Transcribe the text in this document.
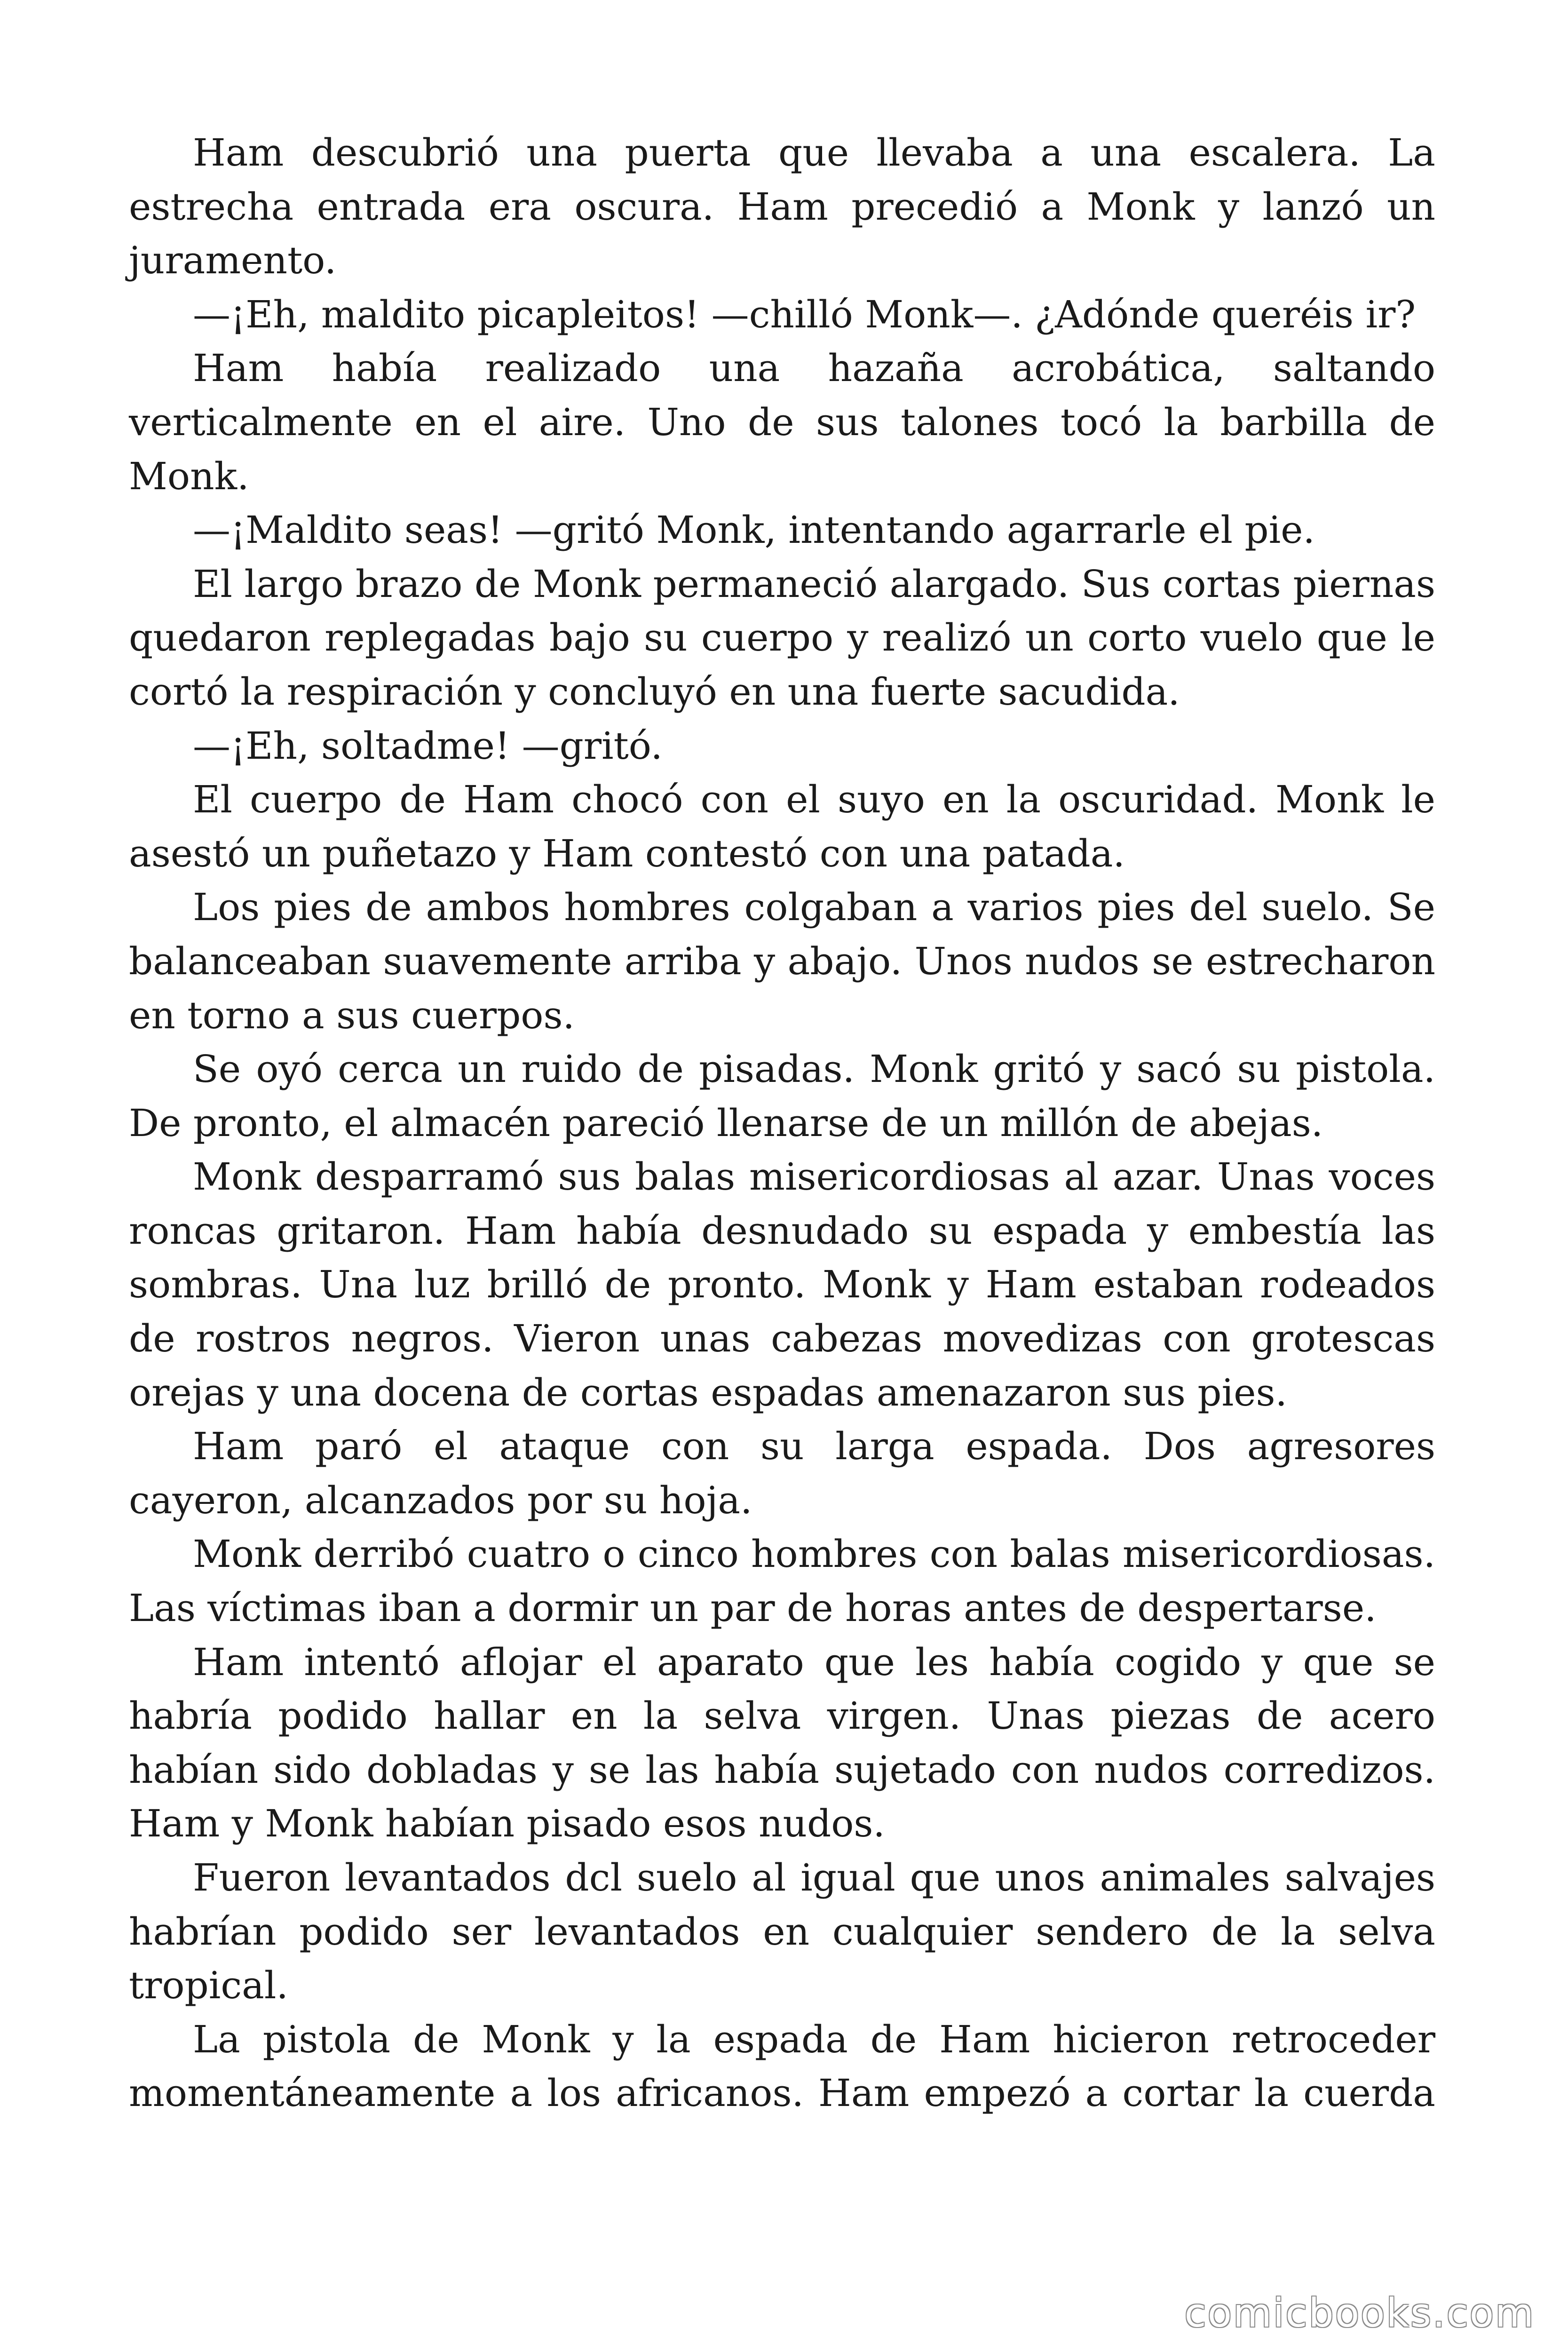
Ham descubrió una puerta que llevaba a una escalera. La estrecha entrada era oscura. Ham precedió a Monk y lanzó un juramento.

—¡Eh, maldito picapleitos! —chilló Monk—. ¿Adónde queréis ir?

Ham había realizado una hazaña acrobática, saltando verticalmente en el aire. Uno de sus talones tocó la barbilla de Monk.

—¡Maldito seas! —gritó Monk, intentando agarrarle el pie.

El largo brazo de Monk permaneció alargado. Sus cortas piernas quedaron replegadas bajo su cuerpo y realizó un corto vuelo que le cortó la respiración y concluyó en una fuerte sacudida.

—¡Eh, soltadme! —gritó.

El cuerpo de Ham chocó con el suyo en la oscuridad. Monk le asestó un puñetazo y Ham contestó con una patada.

Los pies de ambos hombres colgaban a varios pies del suelo. Se balanceaban suavemente arriba y abajo. Unos nudos se estrecharon en torno a sus cuerpos.

Se oyó cerca un ruido de pisadas. Monk gritó y sacó su pistola. De pronto, el almacén pareció llenarse de un millón de abejas.

Monk desparramó sus balas misericordiosas al azar. Unas voces roncas gritaron. Ham había desnudado su espada y embestía las sombras. Una luz brilló de pronto. Monk y Ham estaban rodeados de rostros negros. Vieron unas cabezas movedizas con grotescas orejas y una docena de cortas espadas amenazaron sus pies.

Ham paró el ataque con su larga espada. Dos agresores cayeron, alcanzados por su hoja.

Monk derribó cuatro o cinco hombres con balas misericordiosas. Las víctimas iban a dormir un par de horas antes de despertarse.

Ham intentó aflojar el aparato que les había cogido y que se habría podido hallar en la selva virgen. Unas piezas de acero habían sido dobladas y se las había sujetado con nudos corredizos. Ham y Monk habían pisado esos nudos.

Fueron levantados dcl suelo al igual que unos animales salvajes habrían podido ser levantados en cualquier sendero de la selva tropical.

La pistola de Monk y la espada de Ham hicieron retroceder momentáneamente a los africanos. Ham empezó a cortar la cuerda

comicbooks.com
